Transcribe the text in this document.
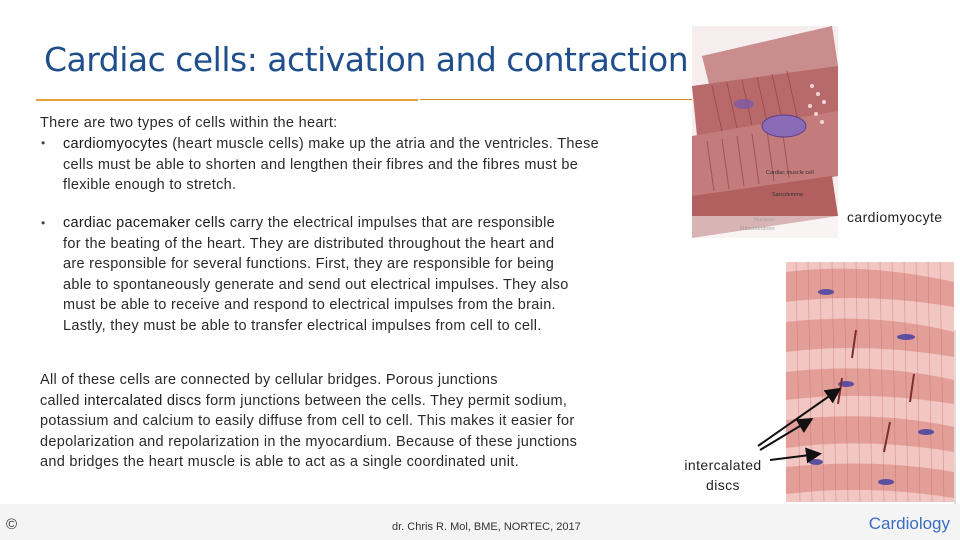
Cardiac cells: activation and contraction
There are two types of cells within the heart:
• cardiomyocytes (heart muscle cells) make up the atria and the ventricles. These
cells must be able to shorten and lengthen their fibres and the fibres must be
flexible enough to stretch.
• cardiac pacemaker cells carry the electrical impulses that are responsible
for the beating of the heart. They are distributed throughout the heart and
are responsible for several functions. First, they are responsible for being
able to spontaneously generate and send out electrical impulses. They also
must be able to receive and respond to electrical impulses from the brain.
Lastly, they must be able to transfer electrical impulses from cell to cell.
All of these cells are connected by cellular bridges. Porous junctions
called intercalated discs form junctions between the cells. They permit sodium,
potassium and calcium to easily diffuse from cell to cell. This makes it easier for
depolarization and repolarization in the myocardium. Because of these junctions
and bridges the heart muscle is able to act as a single coordinated unit.
Cardiac muscle cell
Sarcolemma
cardiomyocyte
intercalated
discs
©	dr. Chris R. Mol, BME, NORTEC, 2017	Cardiology
